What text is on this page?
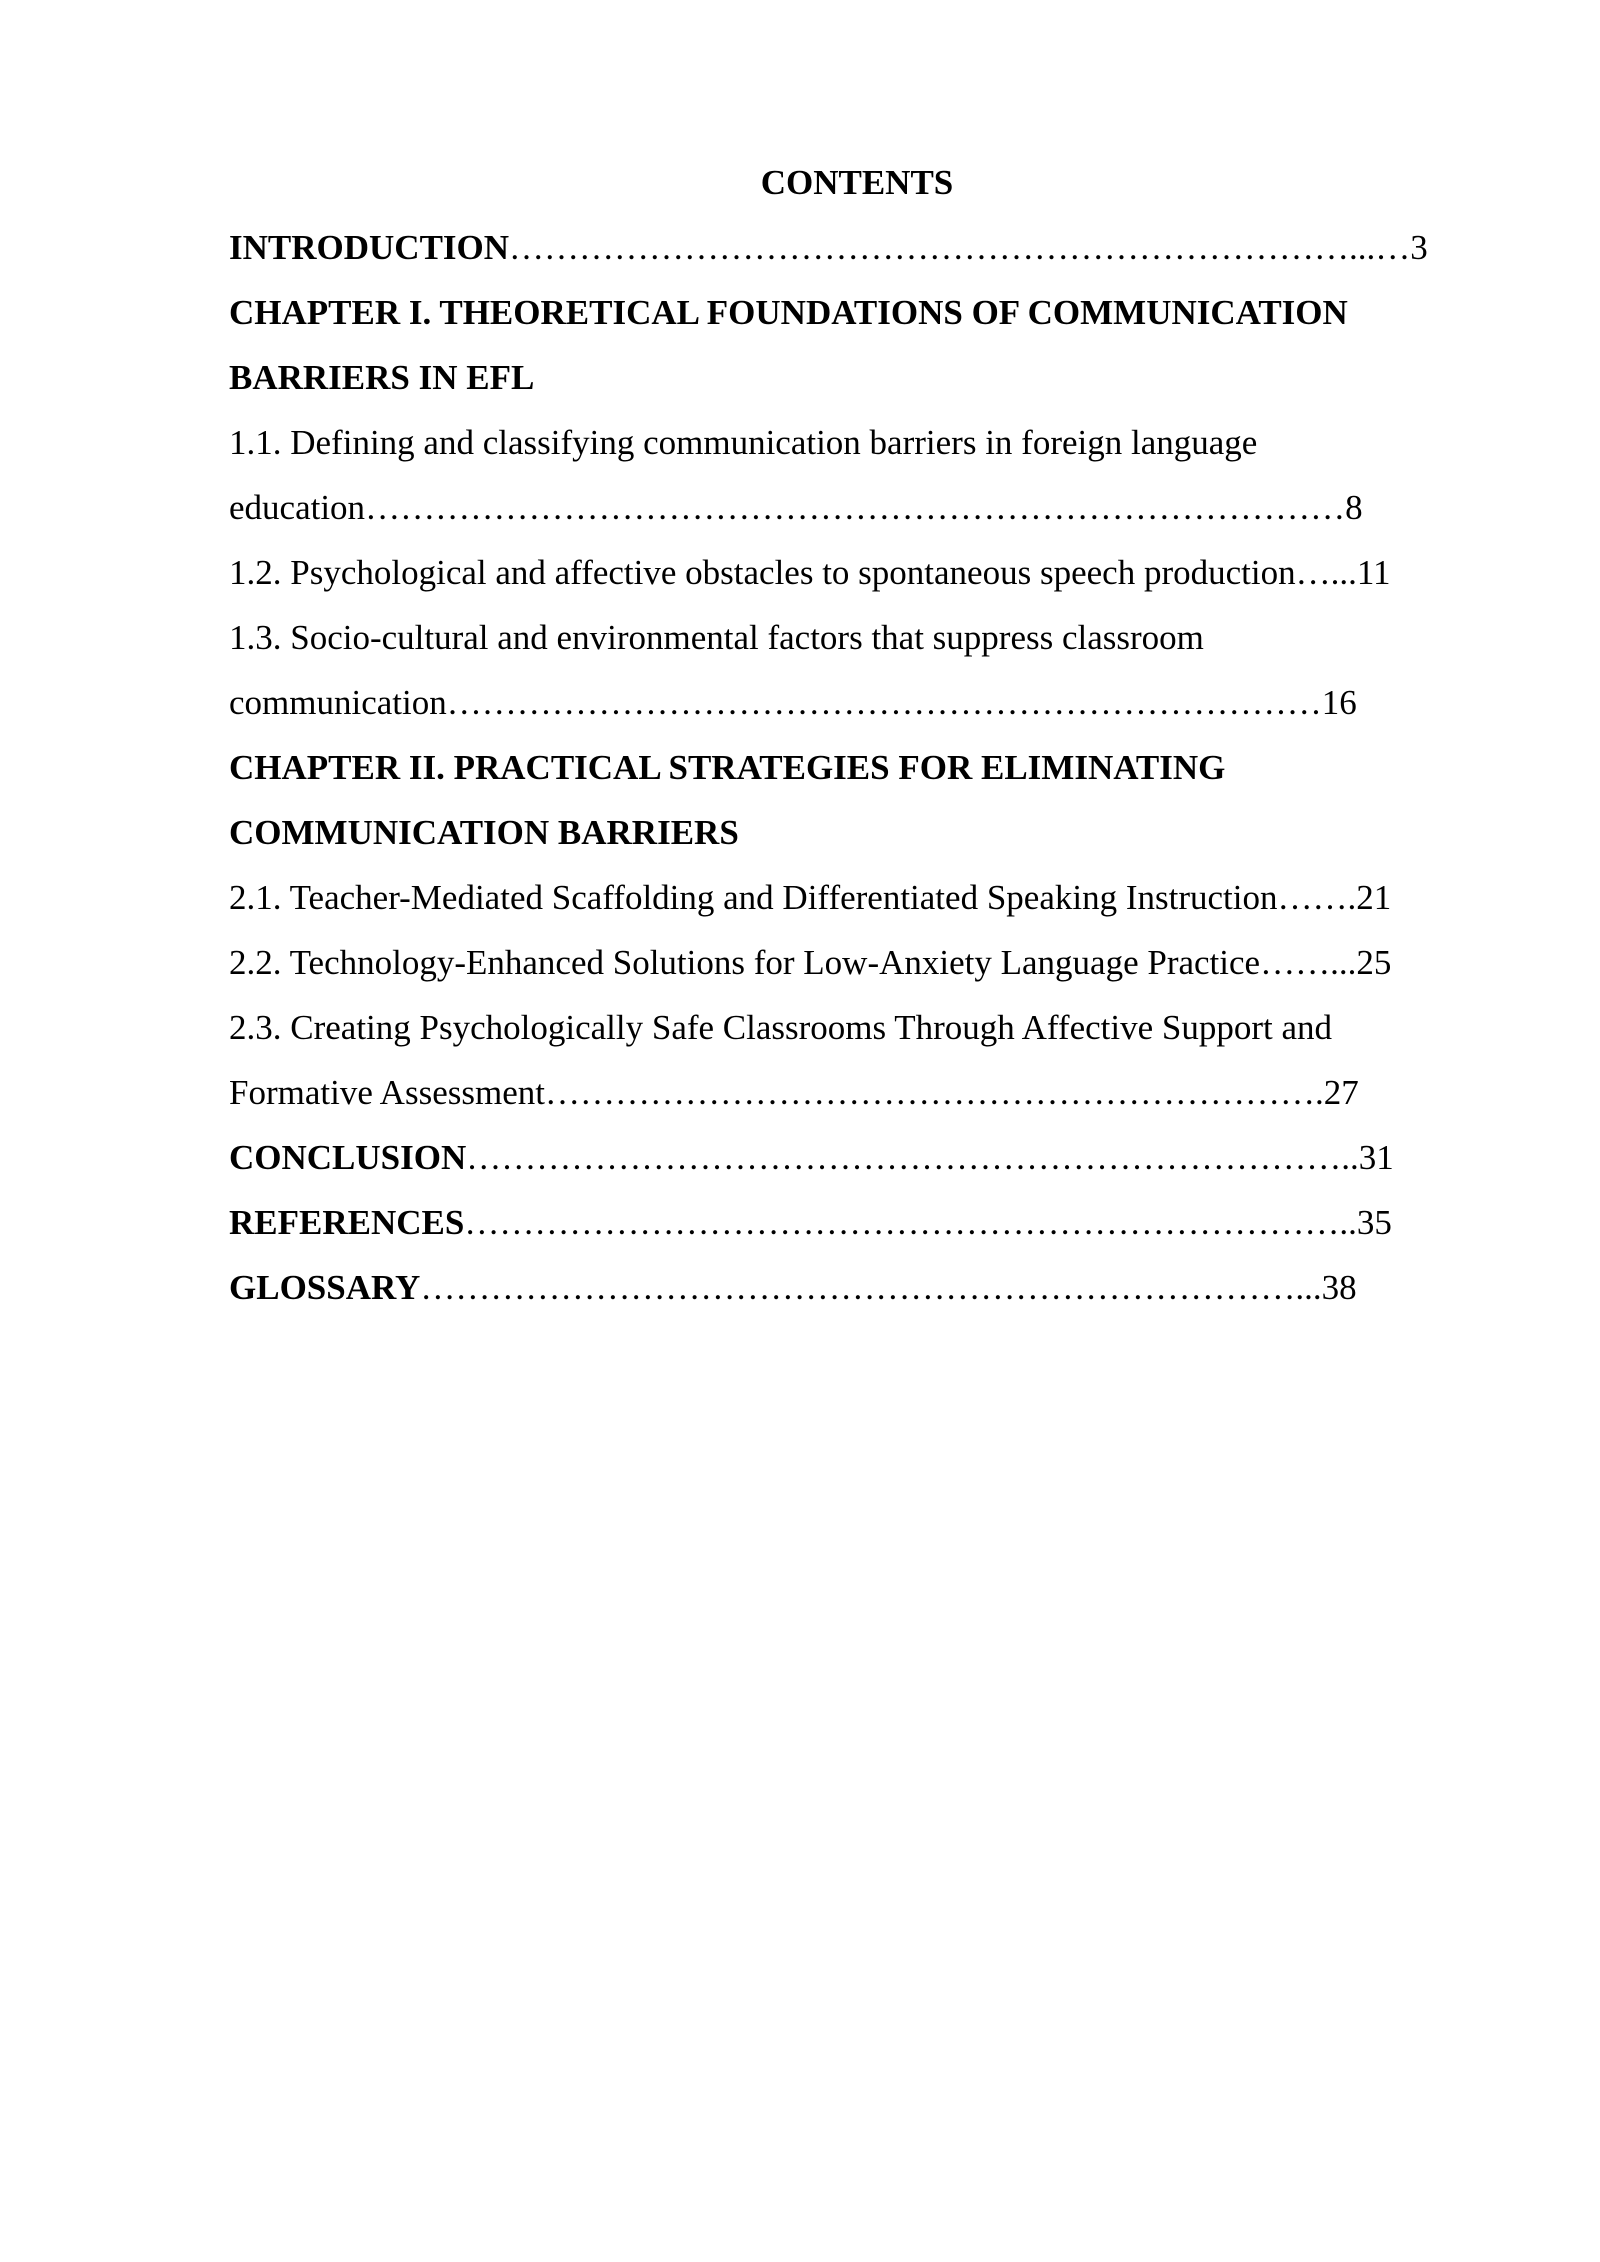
CONTENTS
INTRODUCTION………………………………………………………………...…3
CHAPTER I. THEORETICAL FOUNDATIONS OF COMMUNICATION
BARRIERS IN EFL
1.1. Defining and classifying communication barriers in foreign language
education…………………………………………………………………………8
1.2. Psychological and affective obstacles to spontaneous speech production…...11
1.3. Socio-cultural and environmental factors that suppress classroom
communication…………………………………………………………………16
CHAPTER II. PRACTICAL STRATEGIES FOR ELIMINATING
COMMUNICATION BARRIERS
2.1. Teacher-Mediated Scaffolding and Differentiated Speaking Instruction…….21
2.2. Technology-Enhanced Solutions for Low-Anxiety Language Practice……...25
2.3. Creating Psychologically Safe Classrooms Through Affective Support and
Formative Assessment………………………………………………………….27
CONCLUSION…………………………………………………………………..31
REFERENCES…………………………………………………………………..35
GLOSSARY…………………………………………………………………...38
